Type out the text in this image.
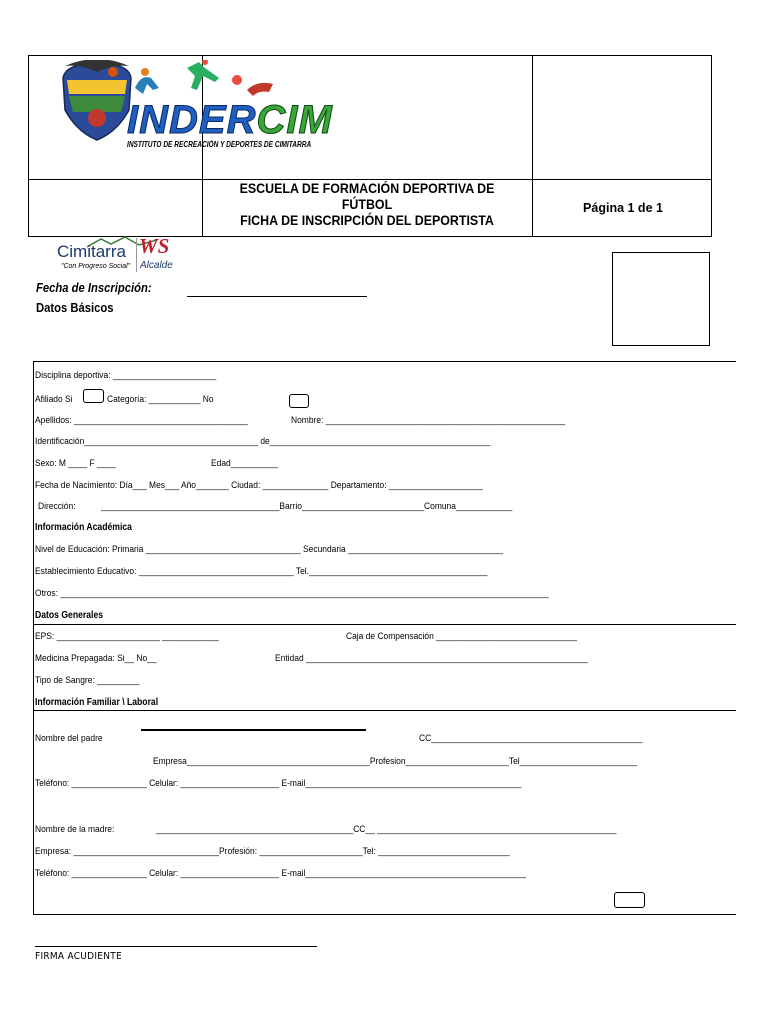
INDERCIM
INSTITUTO DE RECREACIÓN Y DEPORTES DE CIMITARRA
ESCUELA DE FORMACIÓN DEPORTIVA DE
FÚTBOL
FICHA DE INSCRIPCIÓN DEL DEPORTISTA
Página 1 de 1
Cimitarra
"Con Progreso Social"
WS
Alcalde
Fecha de Inscripción:
Datos Básicos
Disciplina deportiva: ______________________
Afiliado Si	Categoría: ___________ No
Apellidos: _____________________________________	Nombre: ___________________________________________________
Identificación_____________________________________ de_______________________________________________
Sexo: M ____ F ____	Edad__________
Fecha de Nacimiento: Día___ Mes___ Año_______ Ciudad: ______________ Departamento: ____________________
Dirección:	______________________________________Barrio__________________________Comuna____________
Información Académica
Nivel de Educación: Primaria _________________________________ Secundaria _________________________________
Establecimiento Educativo: _________________________________ Tel.______________________________________
Otros: ________________________________________________________________________________________________________
Datos Generales
EPS: ______________________ ____________	Caja de Compensación ______________________________
Medicina Prepagada: Si__ No__	Entidad ____________________________________________________________
Tipo de Sangre: _________
Información Familiar \ Laboral
Nombre del padre	CC_____________________________________________
Empresa_______________________________________Profesion______________________Tel_________________________
Teléfono: ________________ Celular: _____________________ E-mail______________________________________________
Nombre de la madre:	__________________________________________CC__ ___________________________________________________
Empresa: _______________________________Profesión: ______________________Tel: ____________________________
Teléfono: ________________ Celular: _____________________ E-mail_______________________________________________
FIRMA ACUDIENTE
